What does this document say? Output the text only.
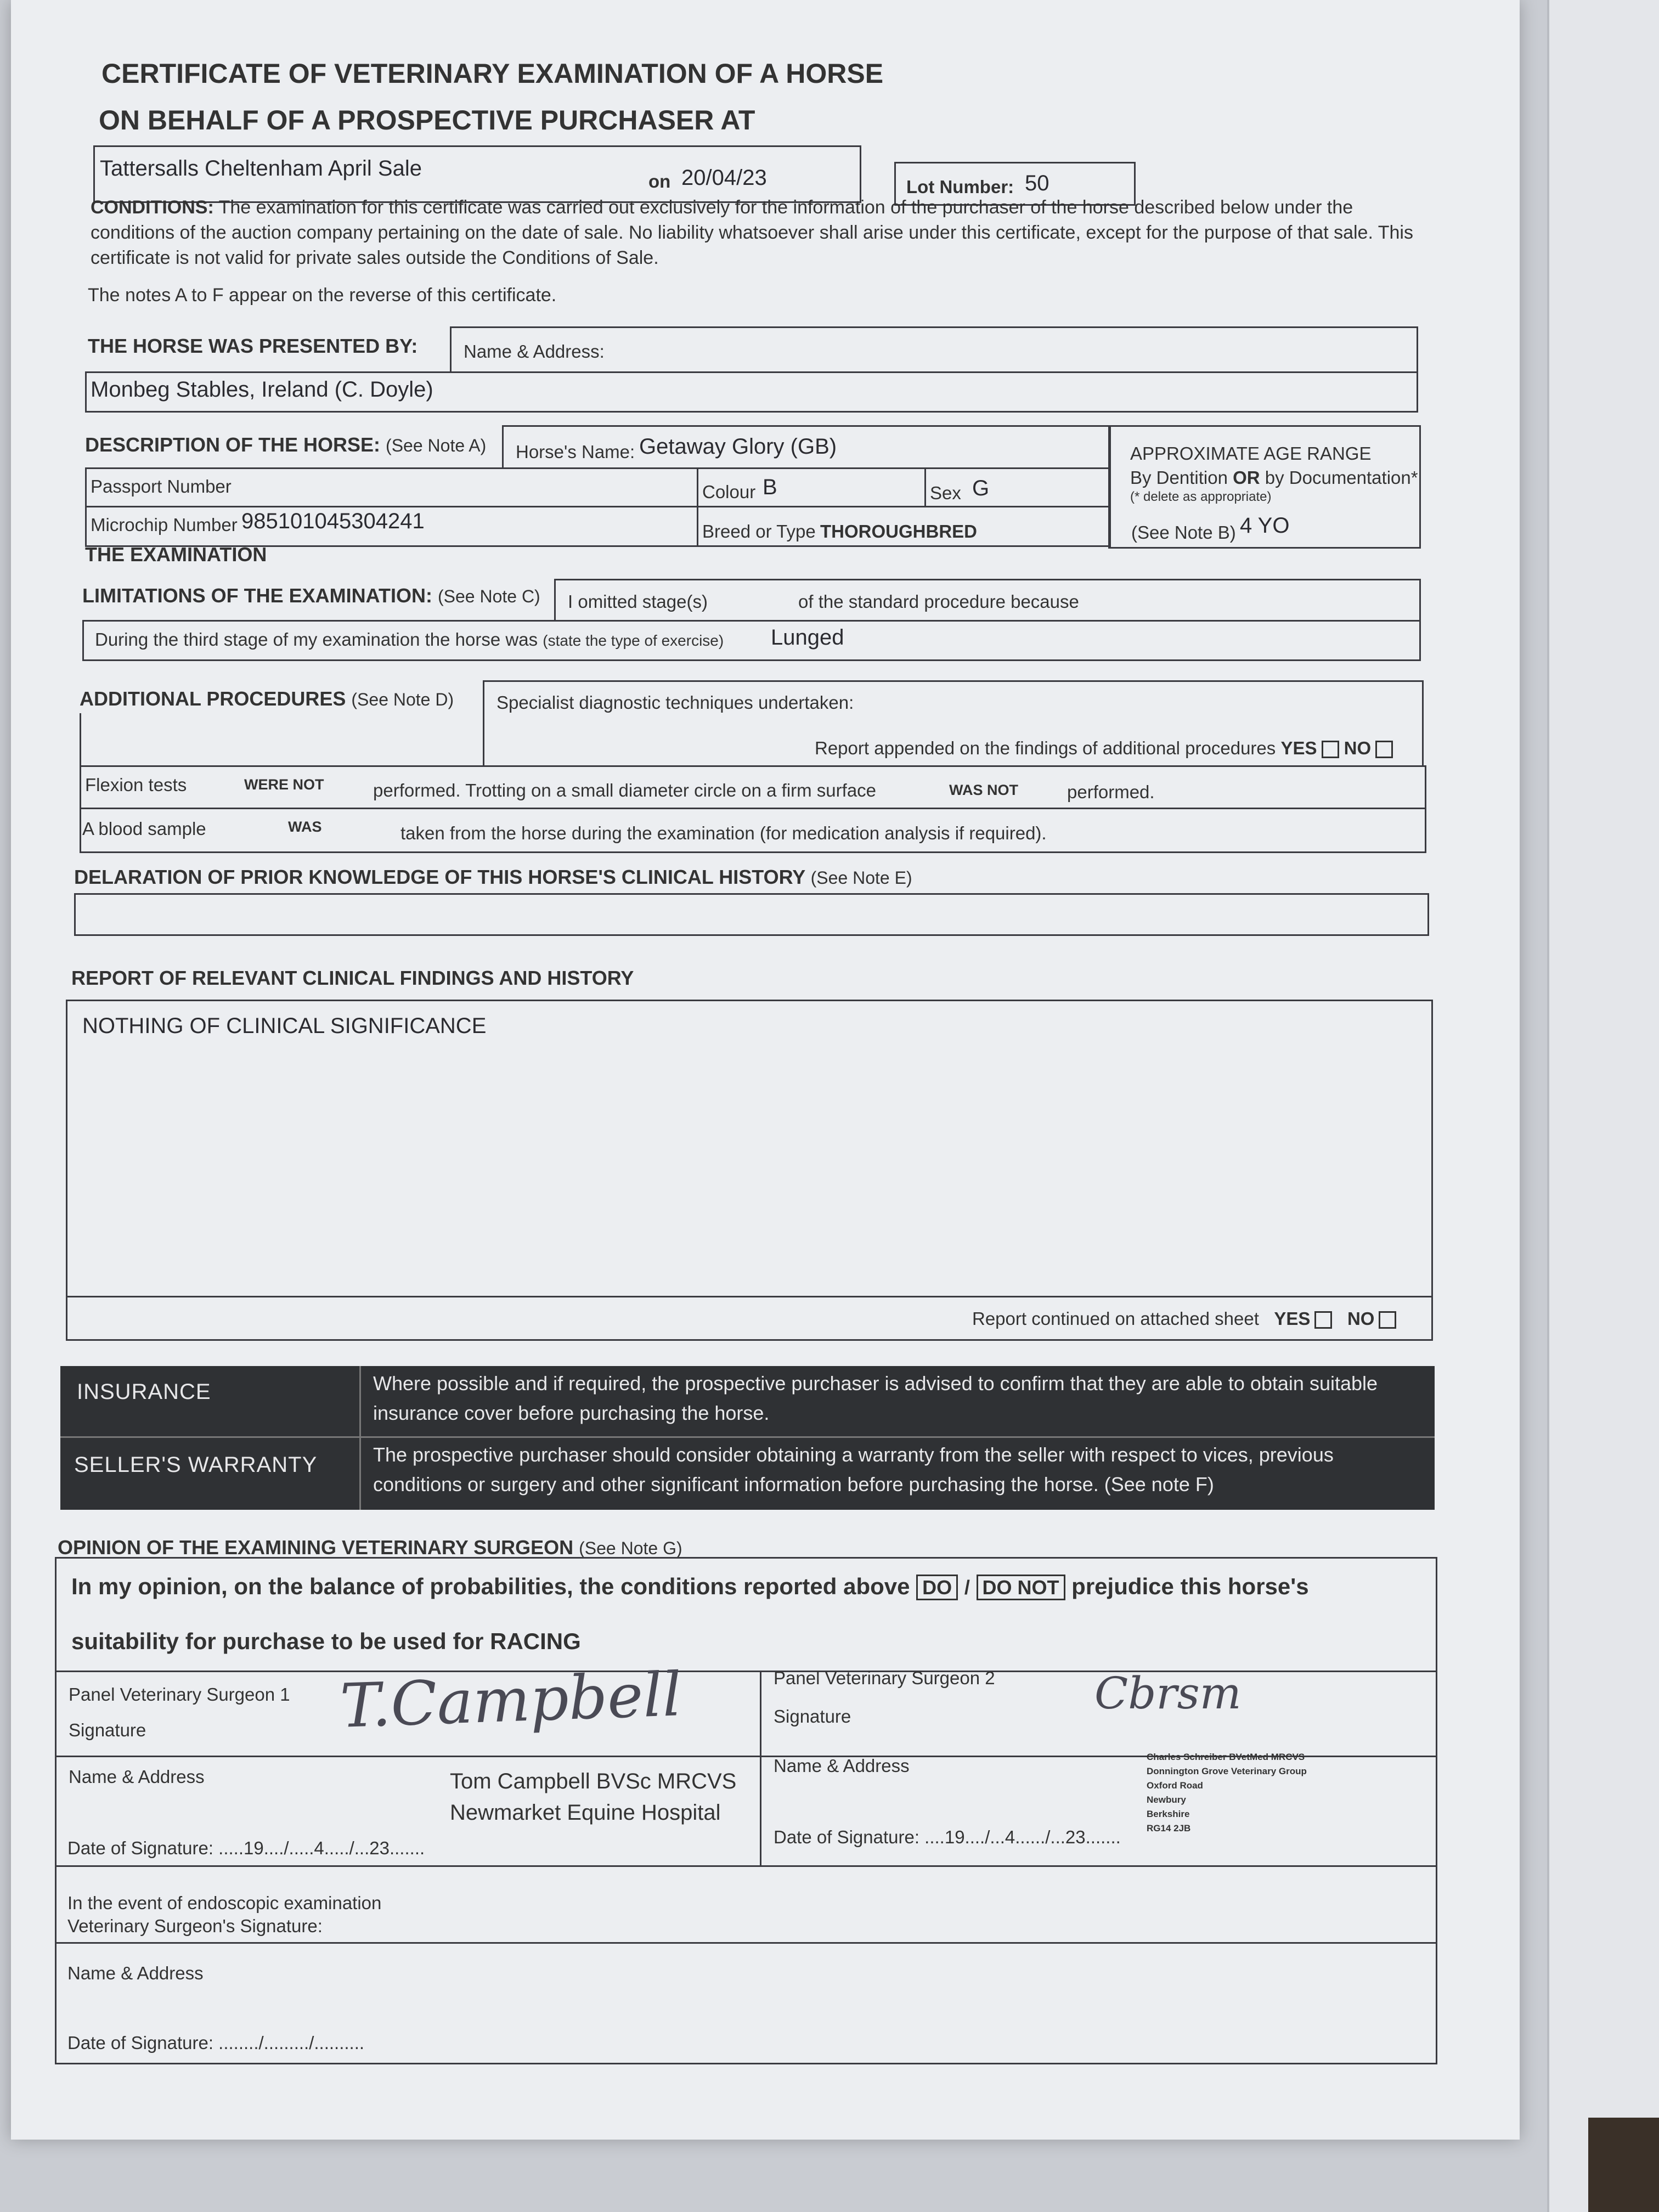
CERTIFICATE OF VETERINARY EXAMINATION OF A HORSE
ON BEHALF OF A PROSPECTIVE PURCHASER AT
Tattersalls Cheltenham April Sale
on 20/04/23	Lot Number: 50
CONDITIONS: The examination for this certificate was carried out exclusively for the information of the purchaser of the horse described below under the conditions of the auction company pertaining on the date of sale. No liability whatsoever shall arise under this certificate, except for the purpose of that sale. This certificate is not valid for private sales outside the Conditions of Sale.
The notes A to F appear on the reverse of this certificate.
THE HORSE WAS PRESENTED BY:	Name & Address:
Monbeg Stables, Ireland (C. Doyle)
DESCRIPTION OF THE HORSE: (See Note A) Horse's Name: Getaway Glory (GB)	APPROXIMATE AGE RANGE
By Dentition OR by Documentation*
(* delete as appropriate)
(See Note B) 4 YO
Passport Number	Colour B	Sex G
Microchip Number 985101045304241	Breed or Type THOROUGHBRED
THE EXAMINATION
LIMITATIONS OF THE EXAMINATION: (See Note C) I omitted stage(s)	of the standard procedure because
During the third stage of my examination the horse was (state the type of exercise) Lunged
ADDITIONAL PROCEDURES (See Note D) Specialist diagnostic techniques undertaken:
Report appended on the findings of additional procedures YES NO
Flexion tests	WERE NOT	performed. Trotting on a small diameter circle on a firm surface	WAS NOT	performed.
A blood sample	WAS	taken from the horse during the examination (for medication analysis if required).
DELARATION OF PRIOR KNOWLEDGE OF THIS HORSE'S CLINICAL HISTORY (See Note E)
REPORT OF RELEVANT CLINICAL FINDINGS AND HISTORY
NOTHING OF CLINICAL SIGNIFICANCE
Report continued on attached sheet YES NO
INSURANCE	Where possible and if required, the prospective purchaser is advised to confirm that they are able to obtain suitable insurance cover before purchasing the horse.
SELLER'S WARRANTY	The prospective purchaser should consider obtaining a warranty from the seller with respect to vices, previous conditions or surgery and other significant information before purchasing the horse. (See note F)
OPINION OF THE EXAMINING VETERINARY SURGEON (See Note G)
In my opinion, on the balance of probabilities, the conditions reported above DO / DO NOT prejudice this horse's
suitability for purchase to be used for RACING
Panel Veterinary Surgeon 1
Signature	T.Campbell
Name & Address	Tom Campbell BVSc MRCVS
Newmarket Equine Hospital
Date of Signature: .....19..../.....4...../...23.......
Panel Veterinary Surgeon 2
Signature	Cbrsm
Name & Address	Charles Schreiber BVetMed MRCVS
Donnington Grove Veterinary Group
Oxford Road
Newbury
Berkshire
RG14 2JB
Date of Signature: ....19..../...4....../...23.......
In the event of endoscopic examination
Veterinary Surgeon's Signature:
Name & Address
Date of Signature: ......../........./..........
